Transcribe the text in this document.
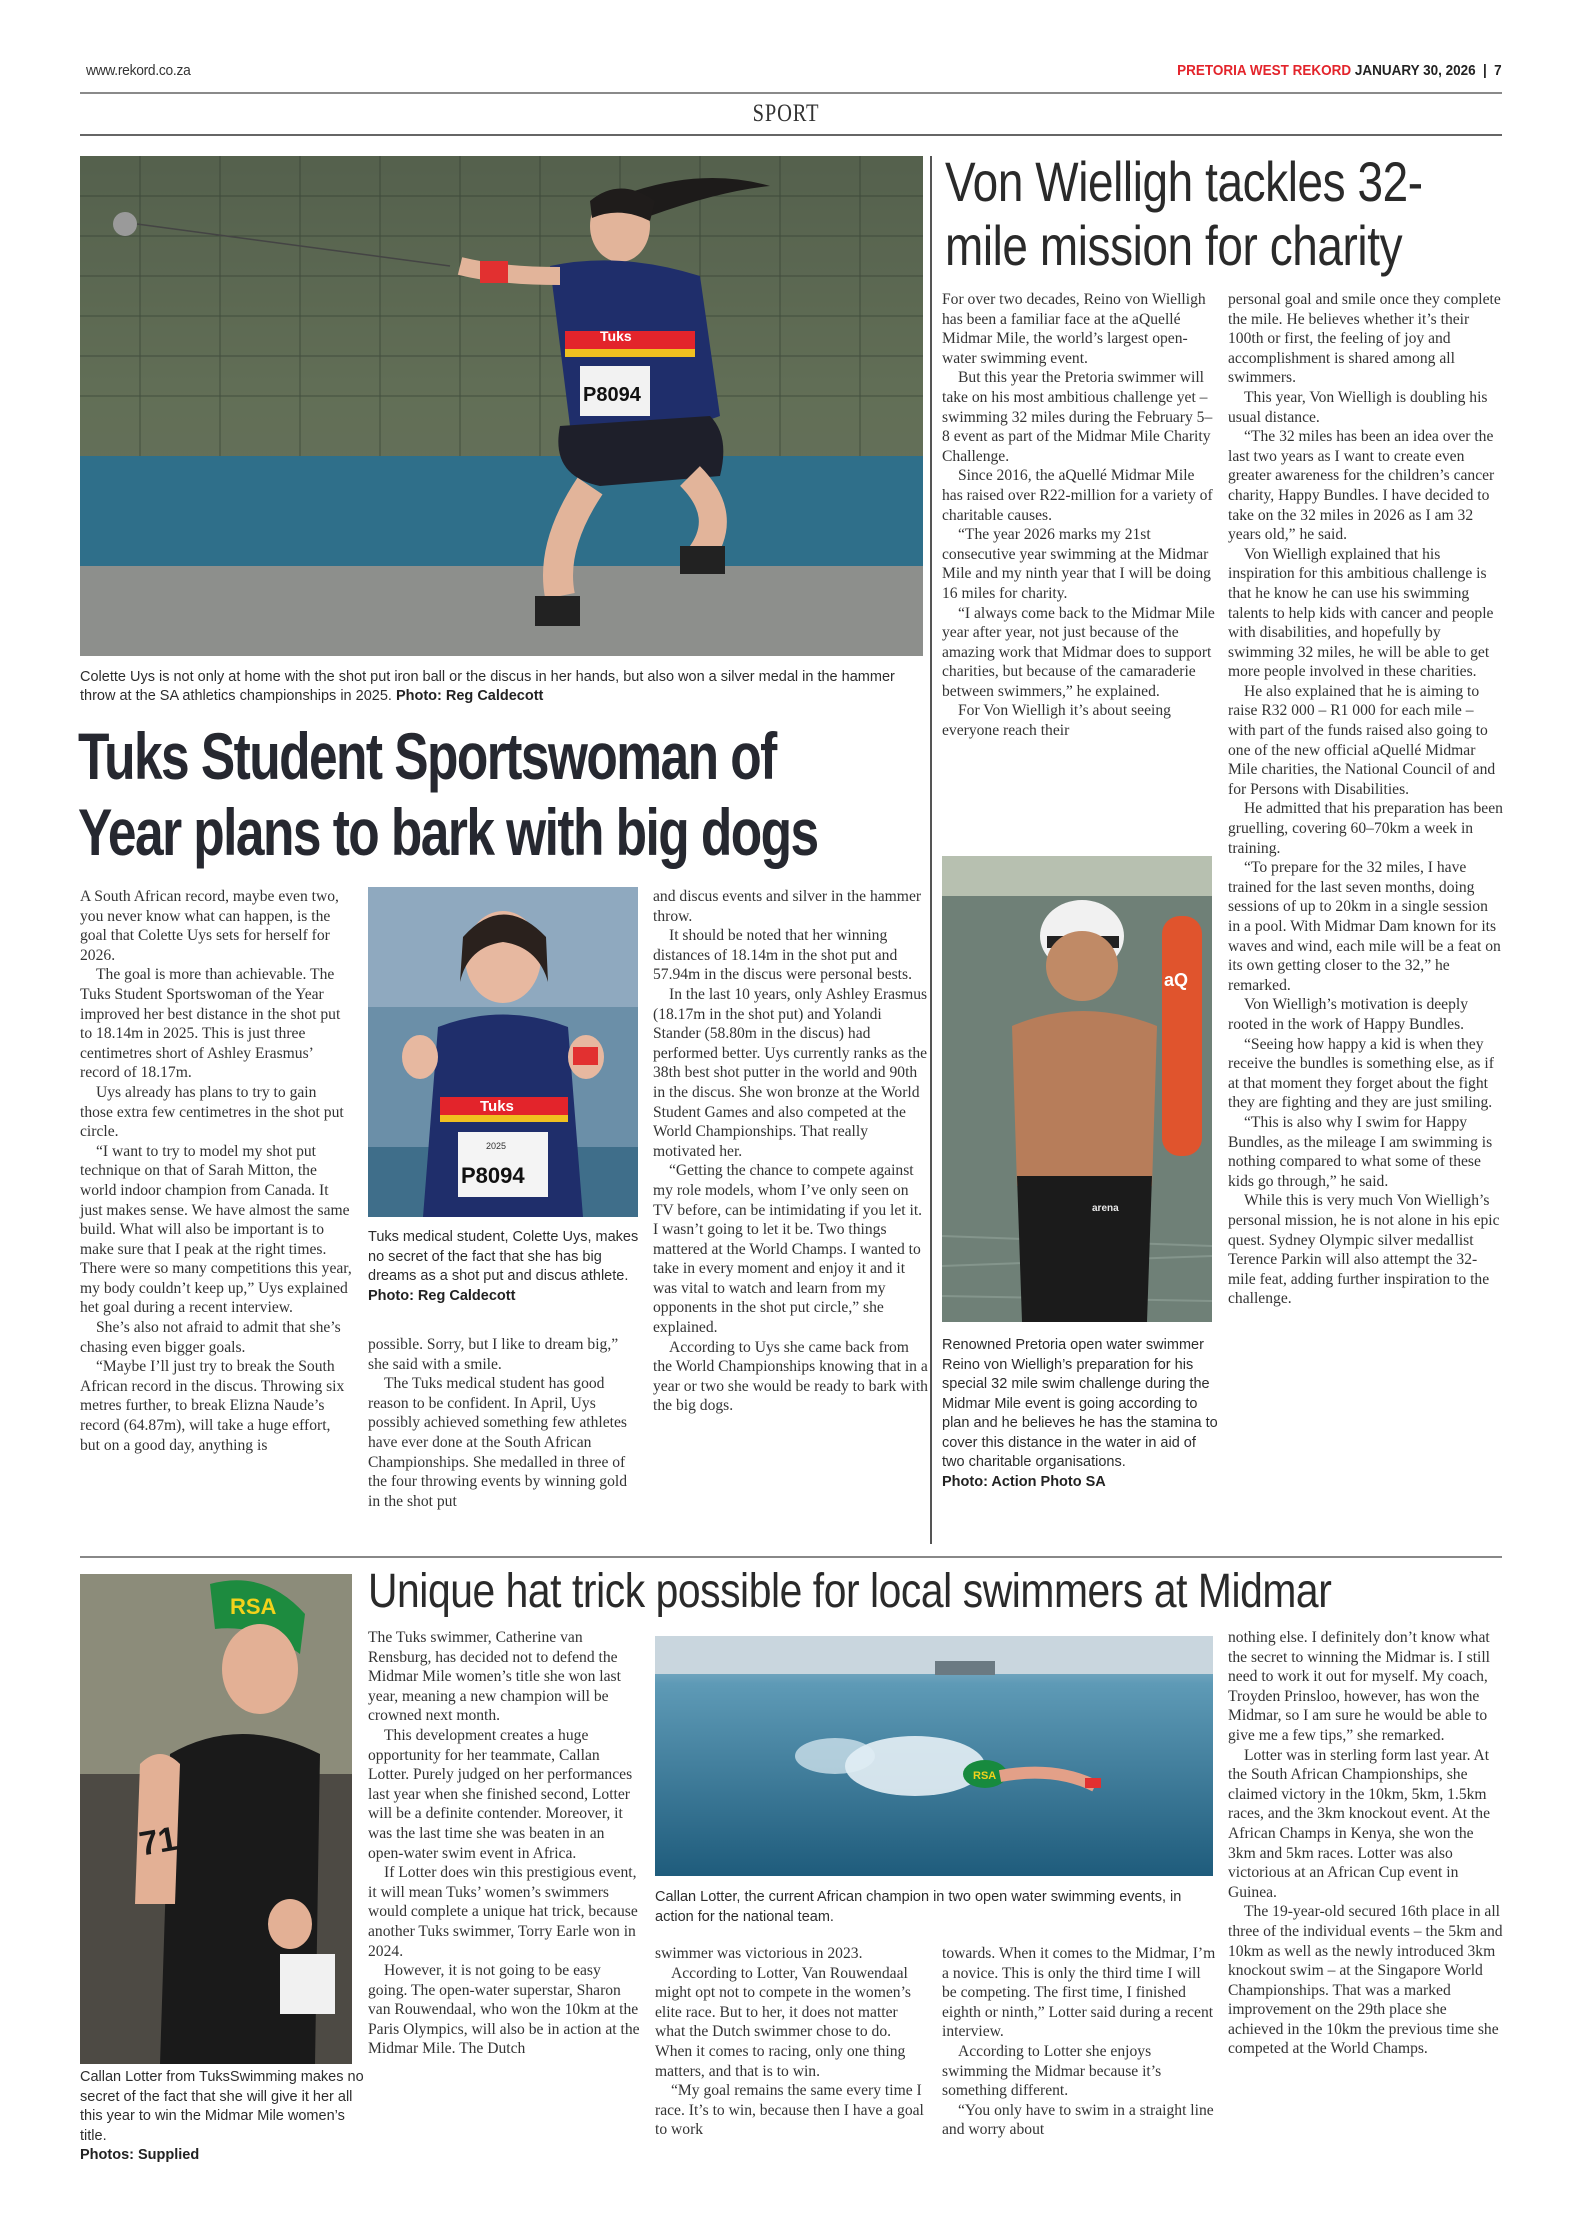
www.rekord.co.za	PRETORIA WEST REKORD JANUARY 30, 2026 | 7
SPORT
Tuks
P8094
Colette Uys is not only at home with the shot put iron ball or the discus in her hands, but also won a silver medal in the hammer throw at the SA athletics championships in 2025. Photo: Reg Caldecott
Tuks Student Sportswoman of
Year plans to bark with big dogs

A South African record, maybe even two, you never know what can happen, is the goal that Colette Uys sets for herself for 2026.

The goal is more than achievable. The Tuks Student Sportswoman of the Year improved her best distance in the shot put to 18.14m in 2025. This is just three centimetres short of Ashley Erasmus’ record of 18.17m.

Uys already has plans to try to gain those extra few centimetres in the shot put circle.

“I want to try to model my shot put technique on that of Sarah Mitton, the world indoor champion from Canada. It just makes sense. We have almost the same build. What will also be important is to make sure that I peak at the right times. There were so many competitions this year, my body couldn’t keep up,” Uys explained het goal during a recent interview.

She’s also not afraid to admit that she’s chasing even bigger goals.

“Maybe I’ll just try to break the South African record in the discus. Throwing six metres further, to break Elizna Naude’s record (64.87m), will take a huge effort, but on a good day, anything is

Tuks
2025
P8094
Tuks medical student, Colette Uys, makes no secret of the fact that she has big dreams as a shot put and discus athlete.
Photo: Reg Caldecott

possible. Sorry, but I like to dream big,” she said with a smile.

The Tuks medical student has good reason to be confident. In April, Uys possibly achieved something few athletes have ever done at the South African Championships. She medalled in three of the four throwing events by winning gold in the shot put

and discus events and silver in the hammer throw.

It should be noted that her winning distances of 18.14m in the shot put and 57.94m in the discus were personal bests.

In the last 10 years, only Ashley Erasmus (18.17m in the shot put) and Yolandi Stander (58.80m in the discus) had performed better. Uys currently ranks as the 38th best shot putter in the world and 90th in the discus. She won bronze at the World Student Games and also competed at the World Championships. That really motivated her.

“Getting the chance to compete against my role models, whom I’ve only seen on TV before, can be intimidating if you let it. I wasn’t going to let it be. Two things mattered at the World Champs. I wanted to take in every moment and enjoy it and it was vital to watch and learn from my opponents in the shot put circle,” she explained.

According to Uys she came back from the World Championships knowing that in a year or two she would be ready to bark with the big dogs.

Von Wielligh tackles 32-
mile mission for charity

For over two decades, Reino von Wielligh has been a familiar face at the aQuellé Midmar Mile, the world’s largest open-water swimming event.

But this year the Pretoria swimmer will take on his most ambitious challenge yet – swimming 32 miles during the February 5–8 event as part of the Midmar Mile Charity Challenge.

Since 2016, the aQuellé Midmar Mile has raised over R22-million for a variety of charitable causes.

“The year 2026 marks my 21st consecutive year swimming at the Midmar Mile and my ninth year that I will be doing 16 miles for charity.

“I always come back to the Midmar Mile year after year, not just because of the amazing work that Midmar does to support charities, but because of the camaraderie between swimmers,” he explained.

For Von Wielligh it’s about seeing everyone reach their

aQ
arena
Renowned Pretoria open water swimmer Reino von Wielligh’s preparation for his special 32 mile swim challenge during the Midmar Mile event is going according to plan and he believes he has the stamina to cover this distance in the water in aid of two charitable organisations.
Photo: Action Photo SA

personal goal and smile once they complete the mile. He believes whether it’s their 100th or first, the feeling of joy and accomplishment is shared among all swimmers.

This year, Von Wielligh is doubling his usual distance.

“The 32 miles has been an idea over the last two years as I want to create even greater awareness for the children’s cancer charity, Happy Bundles. I have decided to take on the 32 miles in 2026 as I am 32 years old,” he said.

Von Wielligh explained that his inspiration for this ambitious challenge is that he know he can use his swimming talents to help kids with cancer and people with disabilities, and hopefully by swimming 32 miles, he will be able to get more people involved in these charities.

He also explained that he is aiming to raise R32 000 – R1 000 for each mile – with part of the funds raised also going to one of the new official aQuellé Midmar Mile charities, the National Council of and for Persons with Disabilities.

He admitted that his preparation has been gruelling, covering 60–70km a week in training.

“To prepare for the 32 miles, I have trained for the last seven months, doing sessions of up to 20km in a single session in a pool. With Midmar Dam known for its waves and wind, each mile will be a feat on its own getting closer to the 32,” he remarked.

Von Wielligh’s motivation is deeply rooted in the work of Happy Bundles.

“Seeing how happy a kid is when they receive the bundles is something else, as if at that moment they forget about the fight they are fighting and they are just smiling.

“This is also why I swim for Happy Bundles, as the mileage I am swimming is nothing compared to what some of these kids go through,” he said.

While this is very much Von Wielligh’s personal mission, he is not alone in his epic quest. Sydney Olympic silver medallist Terence Parkin will also attempt the 32-mile feat, adding further inspiration to the challenge.

Unique hat trick possible for local swimmers at Midmar
RSA
71
Callan Lotter from TuksSwimming makes no secret of the fact that she will give it her all this year to win the Midmar Mile women’s title.
Photos: Supplied

The Tuks swimmer, Catherine van Rensburg, has decided not to defend the Midmar Mile women’s title she won last year, meaning a new champion will be crowned next month.

This development creates a huge opportunity for her teammate, Callan Lotter. Purely judged on her performances last year when she finished second, Lotter will be a definite contender. Moreover, it was the last time she was beaten in an open-water swim event in Africa.

If Lotter does win this prestigious event, it will mean Tuks’ women’s swimmers would complete a unique hat trick, because another Tuks swimmer, Torry Earle won in 2024.

However, it is not going to be easy going. The open-water superstar, Sharon van Rouwendaal, who won the 10km at the Paris Olympics, will also be in action at the Midmar Mile. The Dutch

RSA
Callan Lotter, the current African champion in two open water swimming events, in action for the national team.

swimmer was victorious in 2023.

According to Lotter, Van Rouwendaal might opt not to compete in the women’s elite race. But to her, it does not matter what the Dutch swimmer chose to do. When it comes to racing, only one thing matters, and that is to win.

“My goal remains the same every time I race. It’s to win, because then I have a goal to work

towards. When it comes to the Midmar, I’m a novice. This is only the third time I will be competing. The first time, I finished eighth or ninth,” Lotter said during a recent interview.

According to Lotter she enjoys swimming the Midmar because it’s something different.

“You only have to swim in a straight line and worry about

nothing else. I definitely don’t know what the secret to winning the Midmar is. I still need to work it out for myself. My coach, Troyden Prinsloo, however, has won the Midmar, so I am sure he would be able to give me a few tips,” she remarked.

Lotter was in sterling form last year. At the South African Championships, she claimed victory in the 10km, 5km, 1.5km races, and the 3km knockout event. At the African Champs in Kenya, she won the 3km and 5km races. Lotter was also victorious at an African Cup event in Guinea.

The 19-year-old secured 16th place in all three of the individual events – the 5km and 10km as well as the newly introduced 3km knockout swim – at the Singapore World Championships. That was a marked improvement on the 29th place she achieved in the 10km the previous time she competed at the World Champs.
